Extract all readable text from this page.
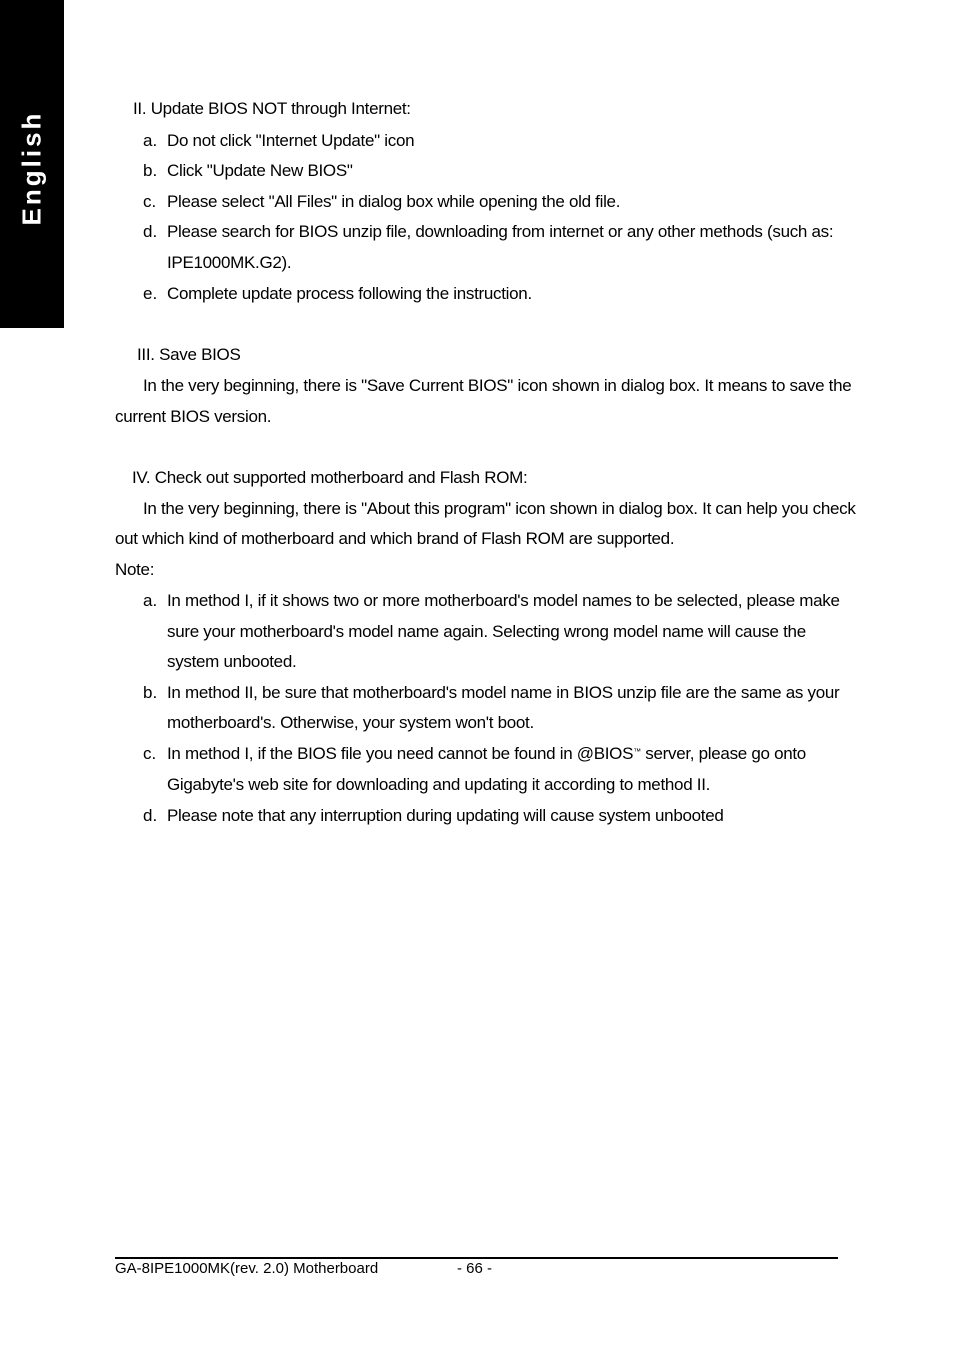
English
II. Update BIOS NOT through Internet:
a. Do not click "Internet Update" icon
b. Click "Update New BIOS"
c. Please select "All Files" in dialog box while opening the old file.
d. Please search for BIOS unzip file, downloading from internet or any other methods (such as:
IPE1000MK.G2).
e. Complete update process following the instruction.
III. Save BIOS
In the very beginning, there is "Save Current BIOS" icon shown in dialog box. It means to save the
current BIOS version.
IV. Check out supported motherboard and Flash ROM:
In the very beginning, there is "About this program" icon shown in dialog box. It can help you check
out which kind of motherboard and which brand of Flash ROM are supported.
Note:
a. In method I, if it shows two or more motherboard's model names to be selected, please make
sure your motherboard's model name again. Selecting wrong model name will cause the
system unbooted.
b. In method II, be sure that motherboard's model name in BIOS unzip file are the same as your
motherboard's. Otherwise, your system won't boot.
c. In method I, if the BIOS file you need cannot be found in @BIOS™ server, please go onto
Gigabyte's web site for downloading and updating it according to method II.
d. Please note that any interruption during updating will cause system unbooted
GA-8IPE1000MK(rev. 2.0) Motherboard	- 66 -
